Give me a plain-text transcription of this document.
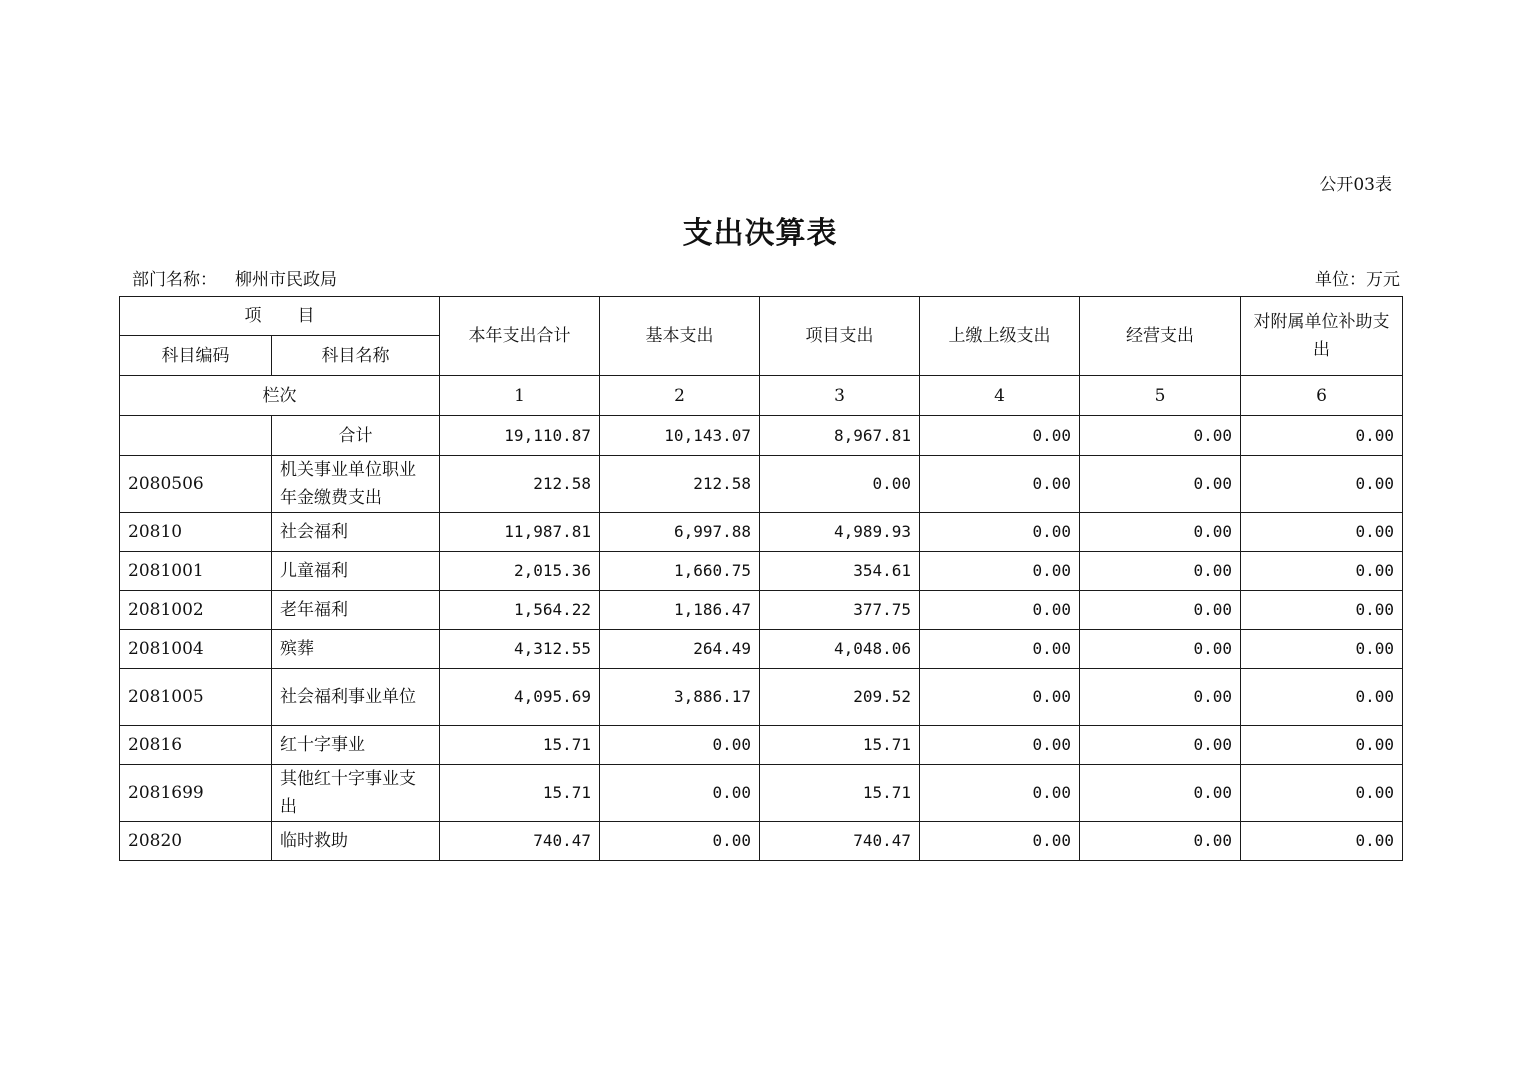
公开03表
支出决算表
部门名称： 柳州市民政局	单位：万元
项 目		本年支出合计	基本支出	项目支出	上缴上级支出	经营支出	对附属单位补助支出
科目编码	科目名称						
栏次		1	2	3	4	5	6
	合计	19,110.87	10,143.07	8,967.81	0.00	0.00	0.00
2080506	机关事业单位职业年金缴费支出	212.58	212.58	0.00	0.00	0.00	0.00
20810	社会福利	11,987.81	6,997.88	4,989.93	0.00	0.00	0.00
2081001	儿童福利	2,015.36	1,660.75	354.61	0.00	0.00	0.00
2081002	老年福利	1,564.22	1,186.47	377.75	0.00	0.00	0.00
2081004	殡葬	4,312.55	264.49	4,048.06	0.00	0.00	0.00
2081005	社会福利事业单位	4,095.69	3,886.17	209.52	0.00	0.00	0.00
20816	红十字事业	15.71	0.00	15.71	0.00	0.00	0.00
2081699	其他红十字事业支出	15.71	0.00	15.71	0.00	0.00	0.00
20820	临时救助	740.47	0.00	740.47	0.00	0.00	0.00
